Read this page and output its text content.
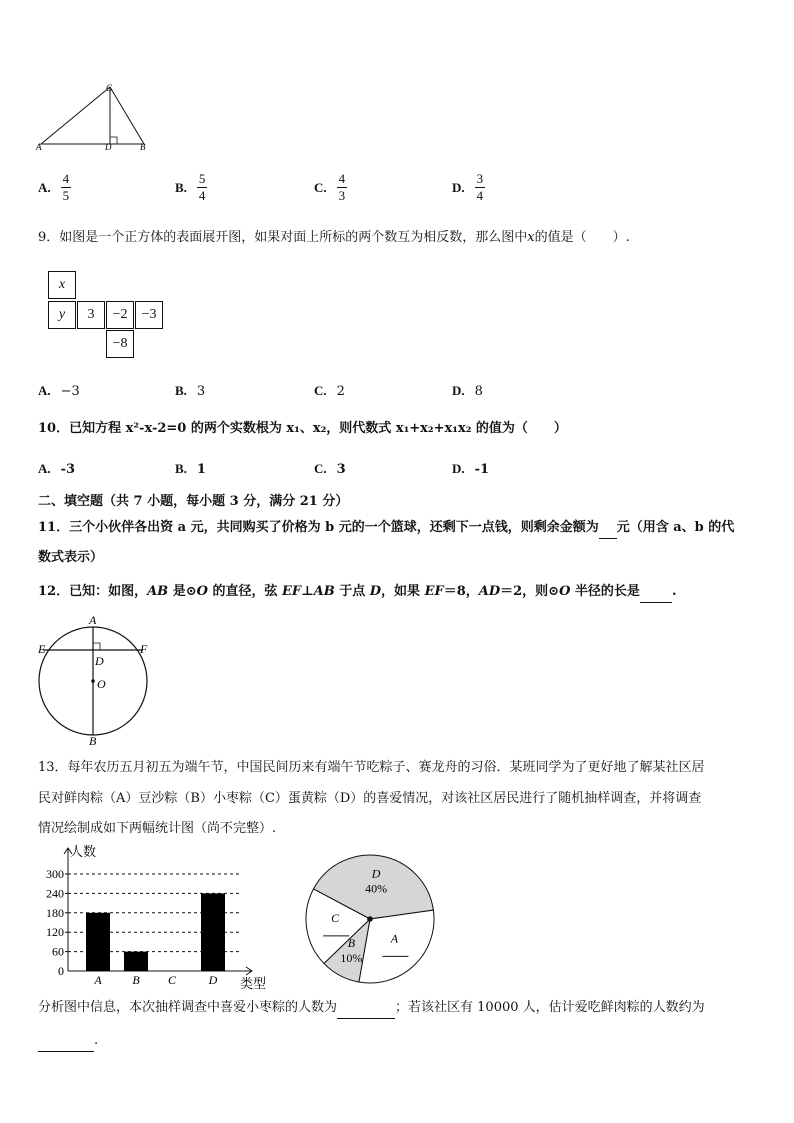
C
A	D	B
A. $\frac{4}{5}$	B. $\frac{5}{4}$	C. $\frac{4}{3}$	D. $\frac{3}{4}$
9．如图是一个正方体的表面展开图，如果对面上所标的两个数互为相反数，那么图中x的值是（　　）.
x
y	3	−2	−3
−8
A. −3	B. 3	C. 2	D. 8
10．已知方程 x²-x-2=0 的两个实数根为 x₁、x₂，则代数式 x₁+x₂+x₁x₂ 的值为（　　）
A. -3	B. 1	C. 3	D. -1
二、填空题（共 7 小题，每小题 3 分，满分 21 分）
11．三个小伙伴各出资 a 元，共同购买了价格为 b 元的一个篮球，还剩下一点钱，则剩余金额为 元（用含 a、b 的代
数式表示）
12．已知：如图，AB 是⊙O 的直径，弦 EF⊥AB 于点 D，如果 EF＝8，AD＝2，则⊙O 半径的长是 .
A
E	F
D
O
B
13．每年农历五月初五为端午节，中国民间历来有端午节吃粽子、赛龙舟的习俗．某班同学为了更好地了解某社区居
民对鲜肉粽（A）豆沙粽（B）小枣粽（C）蛋黄粽（D）的喜爱情况，对该社区居民进行了随机抽样调查，并将调查
情况绘制成如下两幅统计图（尚不完整）.
0
60
120
180
240
300
人数
类型
A	B C	D
D
40%
A
B
10%
C
分析图中信息，本次抽样调查中喜爱小枣粽的人数为	；若该社区有 10000 人，估计爱吃鲜肉粽的人数约为
.
